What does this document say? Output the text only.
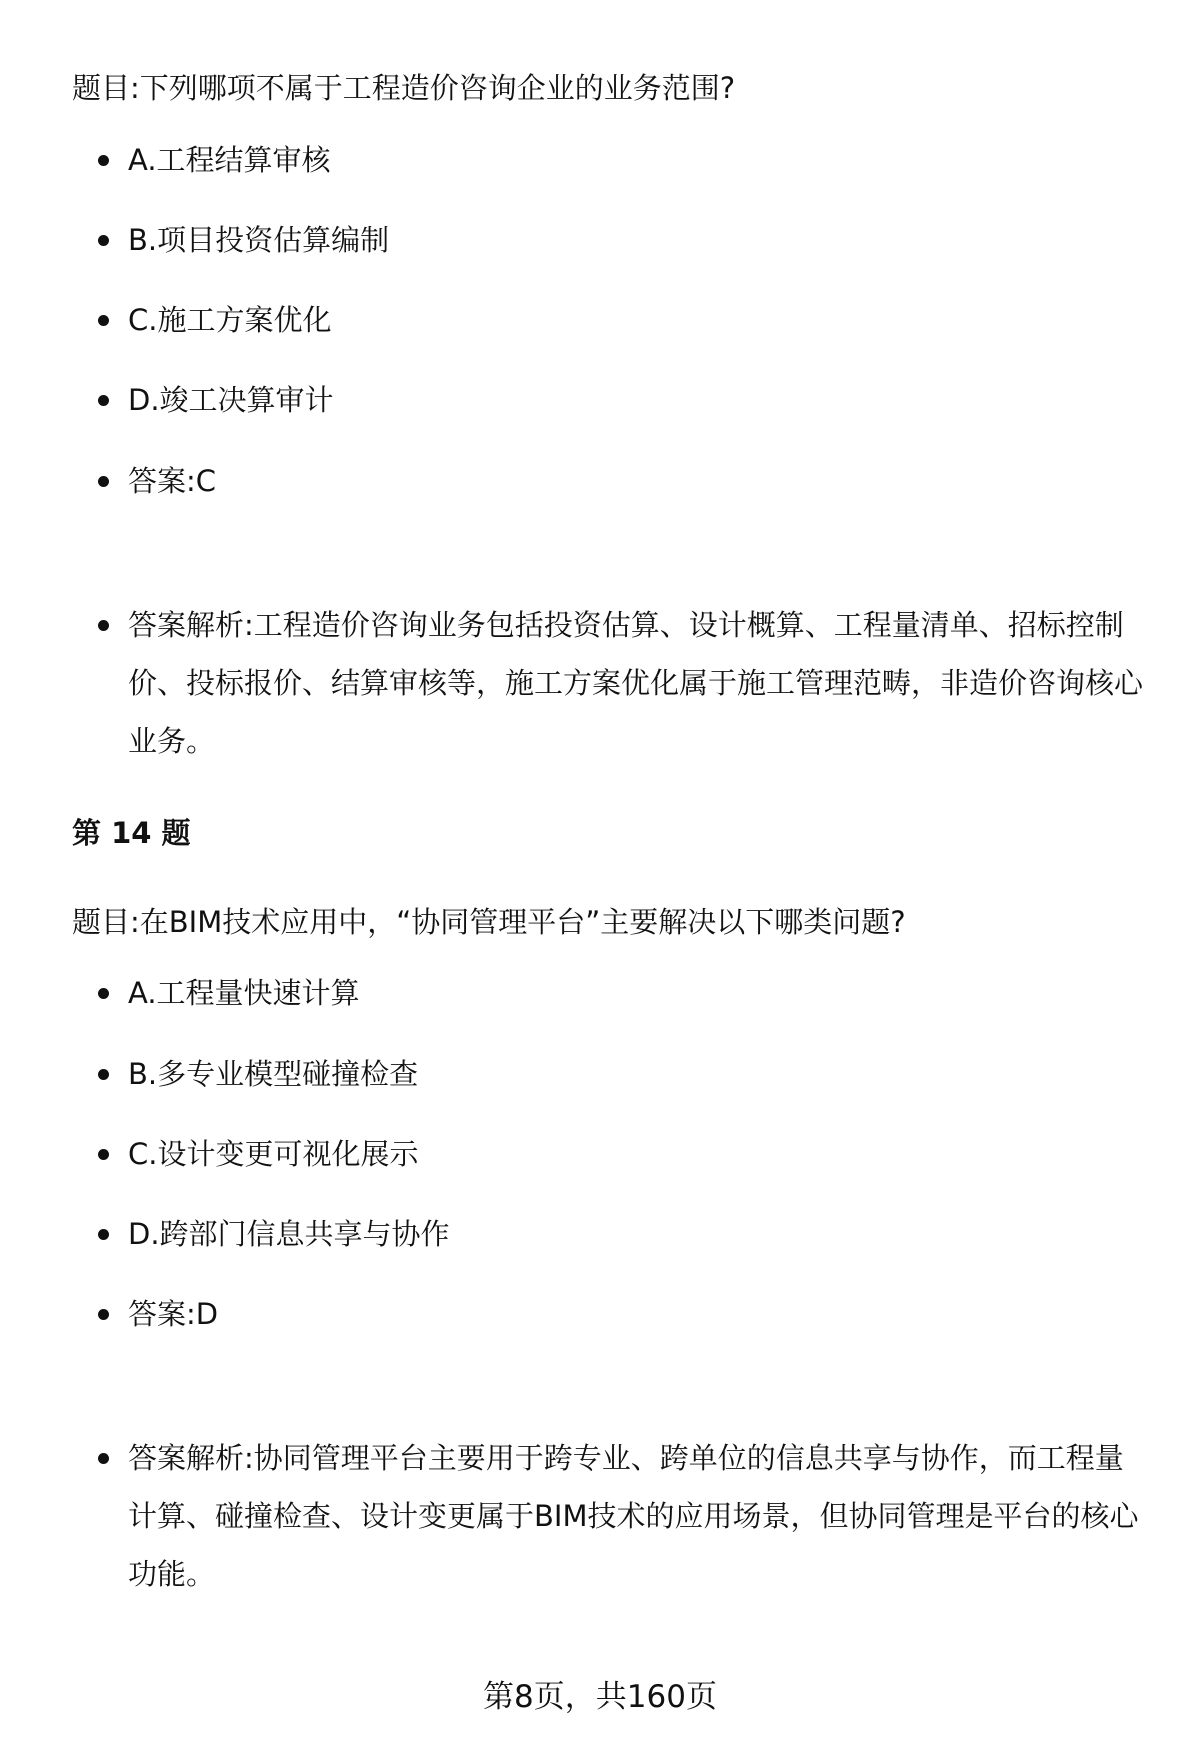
题目:下列哪项不属于工程造价咨询企业的业务范围?
A.工程结算审核
B.项目投资估算编制
C.施工方案优化
D.竣工决算审计
答案:C
答案解析:工程造价咨询业务包括投资估算、设计概算、工程量清单、招标控制价、投标报价、结算审核等，施工方案优化属于施工管理范畴，非造价咨询核心业务。
第 14 题
题目:在BIM技术应用中，“协同管理平台”主要解决以下哪类问题?
A.工程量快速计算
B.多专业模型碰撞检查
C.设计变更可视化展示
D.跨部门信息共享与协作
答案:D
答案解析:协同管理平台主要用于跨专业、跨单位的信息共享与协作，而工程量计算、碰撞检查、设计变更属于BIM技术的应用场景，但协同管理是平台的核心功能。
第8页，共160页
